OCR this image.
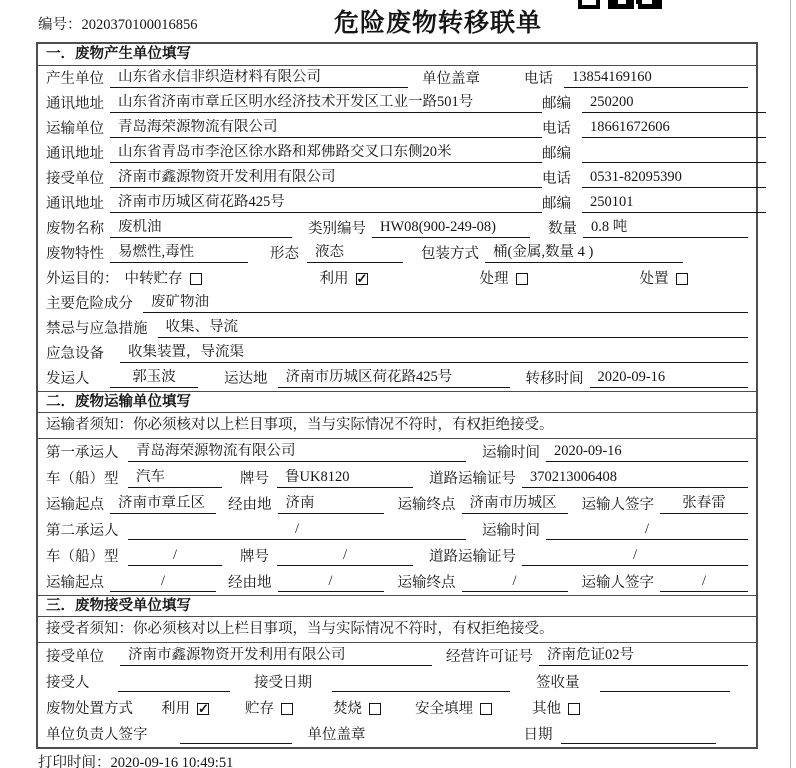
编号：2020370100016856	危险废物转移联单
一．废物产生单位填写
产生单位 山东省永信非织造材料有限公司	单位盖章	电话	13854169160
通讯地址 山东省济南市章丘区明水经济技术开发区工业一路501号	邮编	250200
运输单位 青岛海荣源物流有限公司	电话	18661672606
通讯地址 山东省青岛市李沧区徐水路和郑佛路交叉口东侧20米	邮编
接受单位 济南市鑫源物资开发利用有限公司	电话	0531-82095390
通讯地址 济南市历城区荷花路425号	邮编	250101
废物名称 废机油	类别编号 HW08(900-249-08)	数量 0.8 吨
废物特性 易燃性,毒性	形态	液态	包装方式 桶(金属,数量 4 )
外运目的： 中转贮存	利用 ✓	处理	处置
主要危险成分	废矿物油
禁忌与应急措施	收集、导流
应急设备	收集装置，导流渠
发运人	郭玉波	运达地	济南市历城区荷花路425号	转移时间 2020-09-16
二．废物运输单位填写
运输者须知：你必须核对以上栏目事项，当与实际情况不符时，有权拒绝接受。
第一承运人	青岛海荣源物流有限公司	运输时间 2020-09-16
车（船）型	汽车	牌号	鲁UK8120	道路运输证号 370213006408
运输起点 济南市章丘区	经由地 济南	运输终点 济南市历城区	运输人签字	张春雷
第二承运人	/	运输时间	/
车（船）型	/	牌号	/	道路运输证号	/
运输起点	/	经由地	/	运输终点	/	运输人签字	/
三．废物接受单位填写
接受者须知：你必须核对以上栏目事项，当与实际情况不符时，有权拒绝接受。
接受单位	济南市鑫源物资开发利用有限公司	经营许可证号 济南危证02号
接受人	接受日期	签收量
废物处置方式 利用 ✓	贮存	焚烧	安全填埋	其他
单位负责人签字	单位盖章	日期
打印时间：2020-09-16 10:49:51
